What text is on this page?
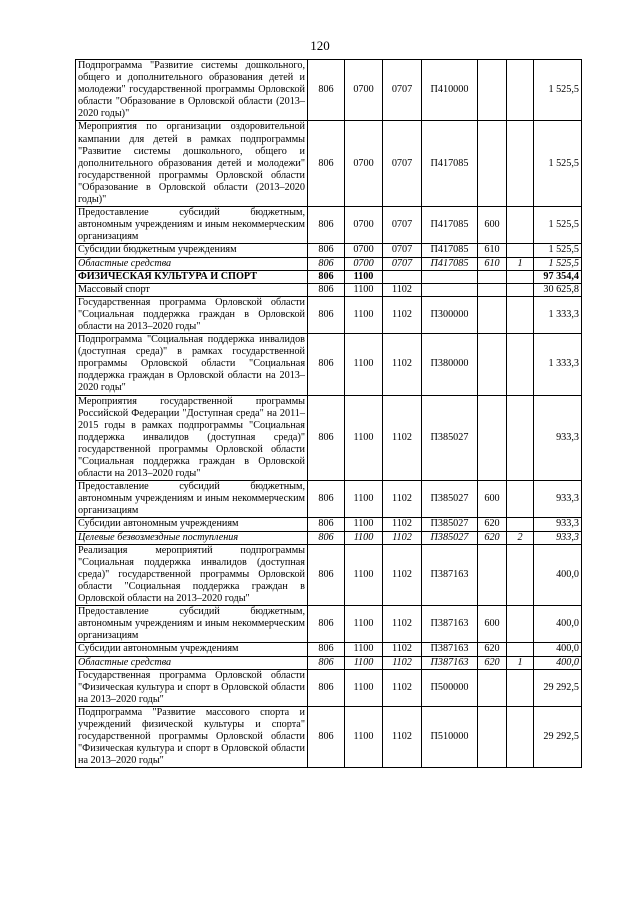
120
Подпрограмма "Развитие системы дошкольного, общего и дополнительного образования детей и молодежи" государственной программы Орловской области "Образование в Орловской области (2013–2020 годы)"	806	0700	0707	П410000			1 525,5
Мероприятия по организации оздоровительной кампании для детей в рамках подпрограммы "Развитие системы дошкольного, общего и дополнительного образования детей и молодежи" государственной программы Орловской области "Образование в Орловской области (2013–2020 годы)"	806	0700	0707	П417085			1 525,5
Предоставление субсидий бюджетным, автономным учреждениям и иным некоммерческим организациям	806	0700	0707	П417085	600		1 525,5
Субсидии бюджетным учреждениям	806	0700	0707	П417085	610		1 525,5
Областные средства	806	0700	0707	П417085	610	1	1 525,5
ФИЗИЧЕСКАЯ КУЛЬТУРА И СПОРТ	806	1100					97 354,4
Массовый спорт	806	1100	1102				30 625,8
Государственная программа Орловской области "Социальная поддержка граждан в Орловской области на 2013–2020 годы"	806	1100	1102	П300000			1 333,3
Подпрограмма "Социальная поддержка инвалидов (доступная среда)" в рамках государственной программы Орловской области "Социальная поддержка граждан в Орловской области на 2013–2020 годы"	806	1100	1102	П380000			1 333,3
Мероприятия государственной программы Российской Федерации "Доступная среда" на 2011–2015 годы в рамках подпрограммы "Социальная поддержка инвалидов (доступная среда)" государственной программы Орловской области "Социальная поддержка граждан в Орловской области на 2013–2020 годы"	806	1100	1102	П385027			933,3
Предоставление субсидий бюджетным, автономным учреждениям и иным некоммерческим организациям	806	1100	1102	П385027	600		933,3
Субсидии автономным учреждениям	806	1100	1102	П385027	620		933,3
Целевые безвозмездные поступления	806	1100	1102	П385027	620	2	933,3
Реализация мероприятий подпрограммы "Социальная поддержка инвалидов (доступная среда)" государственной программы Орловской области "Социальная поддержка граждан в Орловской области на 2013–2020 годы"	806	1100	1102	П387163			400,0
Предоставление субсидий бюджетным, автономным учреждениям и иным некоммерческим организациям	806	1100	1102	П387163	600		400,0
Субсидии автономным учреждениям	806	1100	1102	П387163	620		400,0
Областные средства	806	1100	1102	П387163	620	1	400,0
Государственная программа Орловской области "Физическая культура и спорт в Орловской области на 2013–2020 годы"	806	1100	1102	П500000			29 292,5
Подпрограмма "Развитие массового спорта и учреждений физической культуры и спорта" государственной программы Орловской области "Физическая культура и спорт в Орловской области на 2013–2020 годы"	806	1100	1102	П510000			29 292,5
